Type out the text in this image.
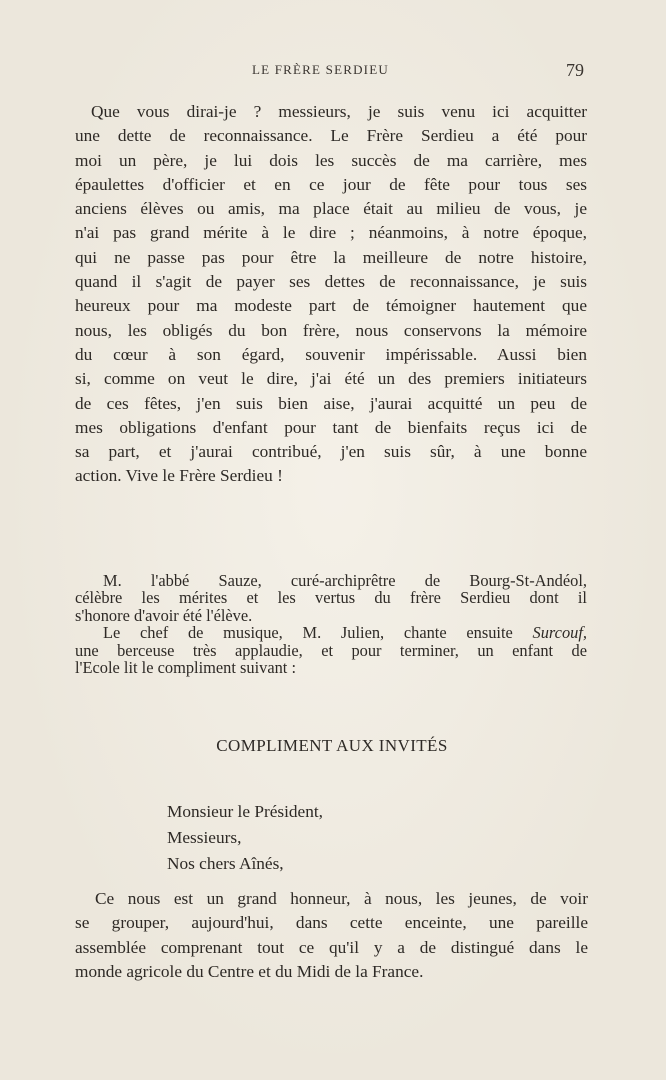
LE FRÈRE SERDIEU	79
Que vous dirai-je ? messieurs, je suis venu ici acquitter
une dette de reconnaissance. Le Frère Serdieu a été pour
moi un père, je lui dois les succès de ma carrière, mes
épaulettes d'officier et en ce jour de fête pour tous ses
anciens élèves ou amis, ma place était au milieu de vous, je
n'ai pas grand mérite à le dire ; néanmoins, à notre époque,
qui ne passe pas pour être la meilleure de notre histoire,
quand il s'agit de payer ses dettes de reconnaissance, je suis
heureux pour ma modeste part de témoigner hautement que
nous, les obligés du bon frère, nous conservons la mémoire
du cœur à son égard, souvenir impérissable. Aussi bien
si, comme on veut le dire, j'ai été un des premiers initiateurs
de ces fêtes, j'en suis bien aise, j'aurai acquitté un peu de
mes obligations d'enfant pour tant de bienfaits reçus ici de
sa part, et j'aurai contribué, j'en suis sûr, à une bonne
action. Vive le Frère Serdieu !
M. l'abbé Sauze, curé-archiprêtre de Bourg-St-Andéol,
célèbre les mérites et les vertus du frère Serdieu dont il
s'honore d'avoir été l'élève.
Le chef de musique, M. Julien, chante ensuite Surcouf,
une berceuse très applaudie, et pour terminer, un enfant de
l'Ecole lit le compliment suivant :
COMPLIMENT AUX INVITÉS
Monsieur le Président,
Messieurs,
Nos chers Aînés,
Ce nous est un grand honneur, à nous, les jeunes, de voir
se grouper, aujourd'hui, dans cette enceinte, une pareille
assemblée comprenant tout ce qu'il y a de distingué dans le
monde agricole du Centre et du Midi de la France.
